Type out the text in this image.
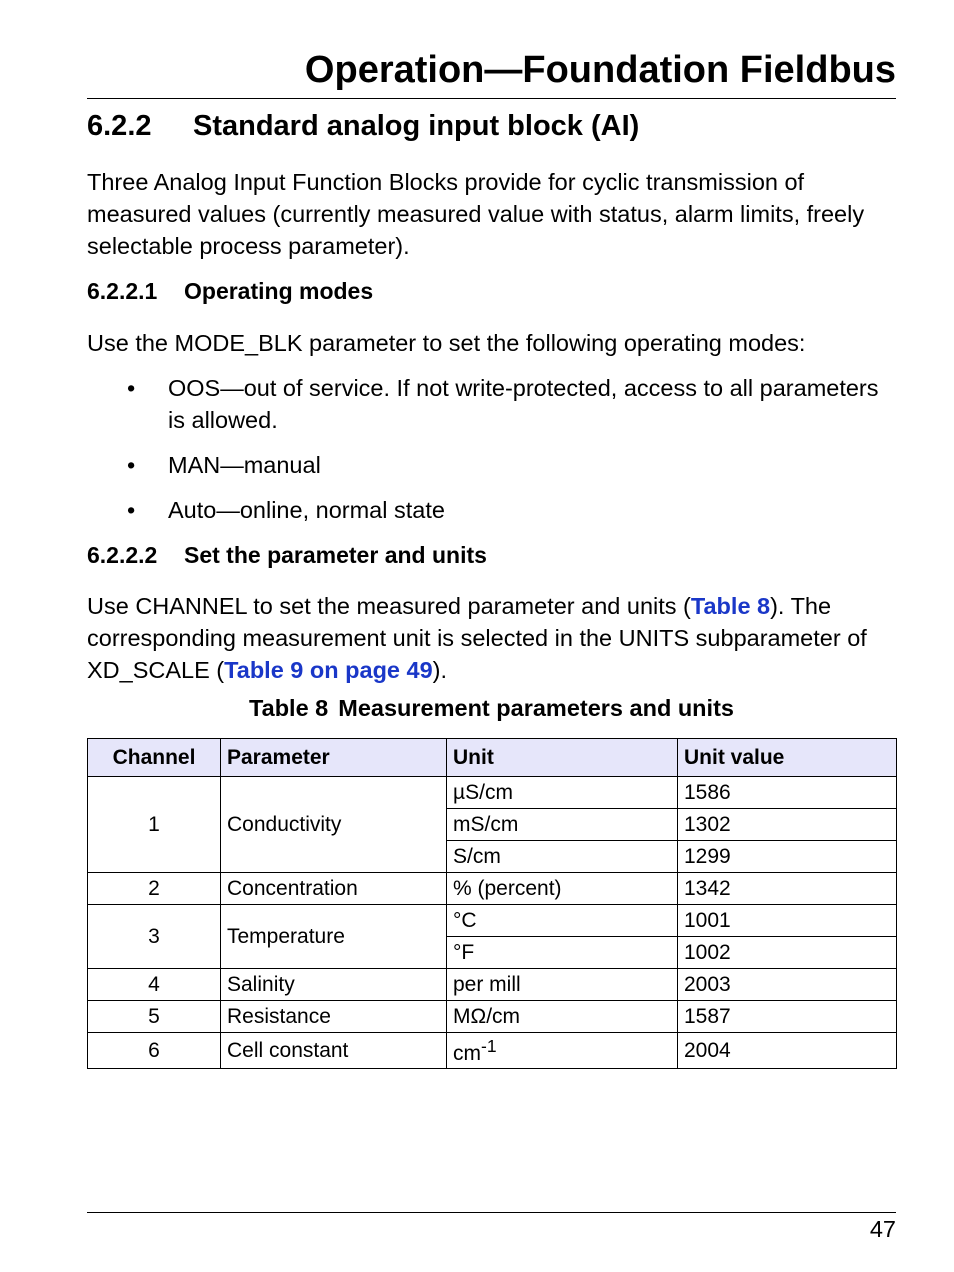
Operation—Foundation Fieldbus
6.2.2 Standard analog input block (AI)

Three Analog Input Function Blocks provide for cyclic transmission of measured values (currently measured value with status, alarm limits, freely selectable process parameter).

6.2.2.1 Operating modes

Use the MODE_BLK parameter to set the following operating modes:

• OOS—out of service. If not write-protected, access to all parameters is allowed.
• MAN—manual
• Auto—online, normal state
6.2.2.2 Set the parameter and units

Use CHANNEL to set the measured parameter and units (Table 8). The corresponding measurement unit is selected in the UNITS subparameter of XD_SCALE (Table 9 on page 49).

Table 8 Measurement parameters and units

Channel	Parameter	Unit	Unit value
1	Conductivity	µS/cm	1586
		mS/cm	1302
		S/cm	1299
2	Concentration	% (percent)	1342
3	Temperature	°C	1001
		°F	1002
4	Salinity	per mill	2003
5	Resistance	MΩ/cm	1587
6	Cell constant	$cm^{-1}$	2004

47
